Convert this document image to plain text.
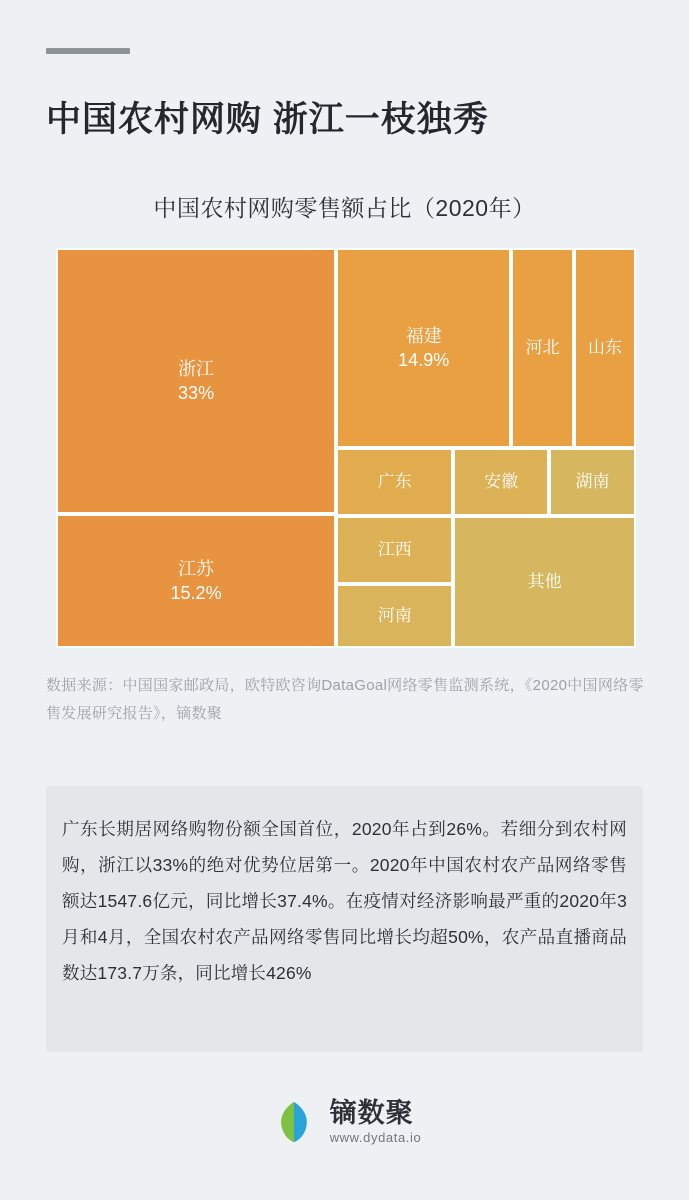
中国农村网购 浙江一枝独秀
中国农村网购零售额占比（2020年）
浙江
33%
江苏
15.2%
福建
14.9%
河北 山东
广东	安徽	湖南
江西
河南
其他
数据来源：中国国家邮政局，欧特欧咨询DataGoal网络零售监测系统，《2020中国网络零售发展研究报告》，镝数聚
广东长期居网络购物份额全国首位，2020年占到26%。若细分到农村网购，浙江以33%的绝对优势位居第一。2020年中国农村农产品网络零售额达1547.6亿元，同比增长37.4%。在疫情对经济影响最严重的2020年3月和4月，全国农村农产品网络零售同比增长均超50%，农产品直播商品数达173.7万条，同比增长426%
镝数聚
www.dydata.io
